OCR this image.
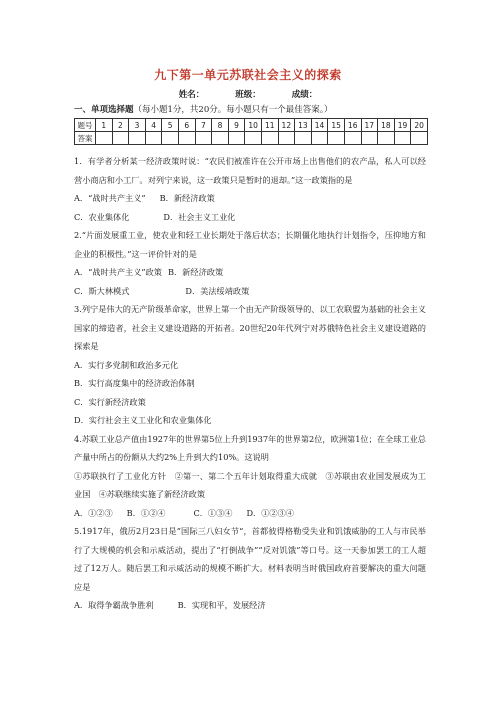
九下第一单元苏联社会主义的探索
姓名：	班级：	成绩：
一、单项选择题（每小题1分，共20分。每小题只有一个最佳答案。）
题号	1	2	3	4	5	6	7	8	9	10	11	12	13	14	15	16	17	18	19	20
答案																				

1．有学者分析某一经济政策时说：“农民们被准许在公开市场上出售他们的农产品，私人可以经营小商店和小工厂。对列宁来说，这一政策只是暂时的退却。”这一政策指的是

A．“战时共产主义” B．新经济政策

C．农业集体化	D．社会主义工业化

2.“片面发展重工业，使农业和轻工业长期处于落后状态；长期僵化地执行计划指令，压抑地方和企业的积极性。”这一评价针对的是

A．“战时共产主义”政策 B．新经济政策

C．斯大林模式	D．美法绥靖政策

3.列宁是伟大的无产阶级革命家，世界上第一个由无产阶级领导的、以工农联盟为基础的社会主义国家的缔造者，社会主义建设道路的开拓者。20世纪20年代列宁对苏俄特色社会主义建设道路的探索是

A．实行多党制和政治多元化

B．实行高度集中的经济政治体制

C．实行新经济政策

D．实行社会主义工业化和农业集体化

4.苏联工业总产值由1927年的世界第5位上升到1937年的世界第2位，欧洲第1位；在全球工业总产量中所占的份额从大约2%上升到大约10%。这说明

①苏联执行了工业化方针　②第一、第二个五年计划取得重大成就　③苏联由农业国发展成为工业国　④苏联继续实施了新经济政策

A．①②③ B．①②④	C．①③④ D．①②③④

5.1917年，俄历2月23日是”国际三八妇女节“，首都彼得格勒受失业和饥饿威胁的工人与市民举行了大规模的机会和示威活动，提出了“打倒战争”“反对饥饿”等口号。这一天参加罢工的工人超过了12万人。随后罢工和示威活动的规模不断扩大。材料表明当时俄国政府首要解决的重大问题应是

A．取得争霸战争胜利	B．实现和平，发展经济
